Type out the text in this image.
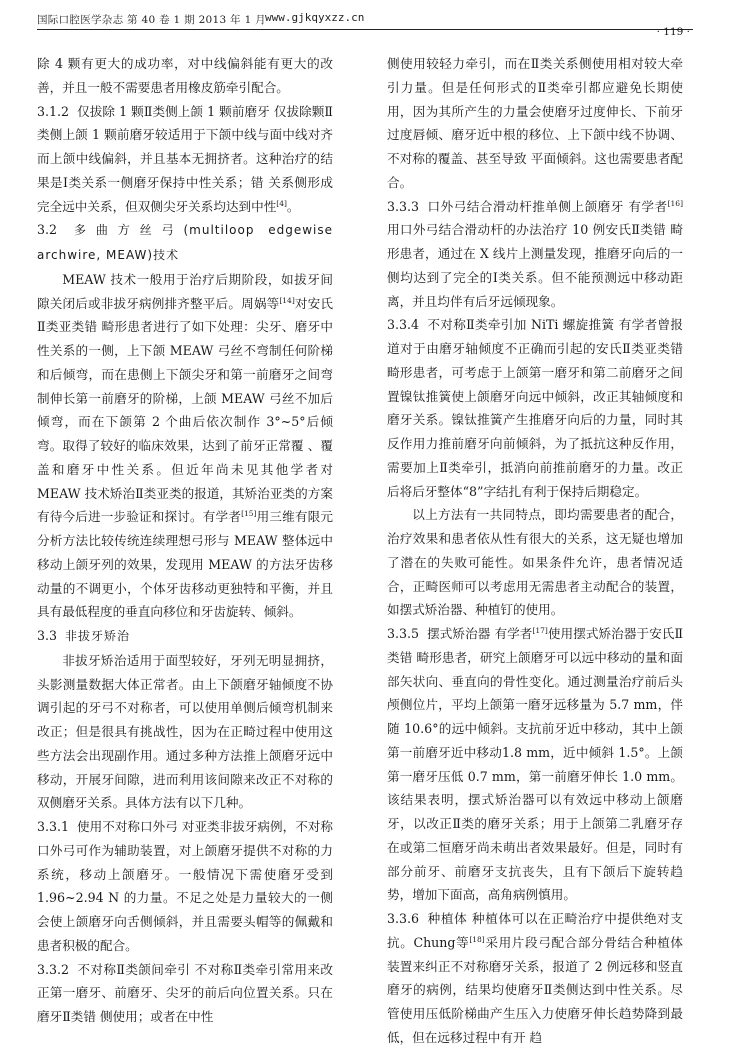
国际口腔医学杂志 第 40 卷 1 期 2013 年 1 月 www.gjkqyxzz.cn
· 119 ·

除 4 颗有更大的成功率，对中线偏斜能有更大的改善，并且一般不需要患者用橡皮筋牵引配合。

3.1.2 仅拔除 1 颗Ⅱ类侧上颌 1 颗前磨牙 仅拔除颗Ⅱ类侧上颌 1 颗前磨牙较适用于下颌中线与面中线对齐而上颌中线偏斜，并且基本无拥挤者。这种治疗的结果是Ⅰ类关系一侧磨牙保持中性关系；错 关系侧形成完全远中关系，但双侧尖牙关系均达到中性[4]。

3.2 多曲方丝弓(multiloop edgewise archwire, MEAW)技术

MEAW 技术一般用于治疗后期阶段，如拔牙间隙关闭后或非拔牙病例排齐整平后。周娲等[14]对安氏Ⅱ类亚类错 畸形患者进行了如下处理：尖牙、磨牙中性关系的一侧，上下颌 MEAW 弓丝不弯制任何阶梯和后倾弯，而在患侧上下颌尖牙和第一前磨牙之间弯制伸长第一前磨牙的阶梯，上颌 MEAW 弓丝不加后倾弯，而在下颌第 2 个曲后依次制作 3°~5°后倾弯。取得了较好的临床效果，达到了前牙正常覆 、覆盖和磨牙中性关系。但近年尚未见其他学者对 MEAW 技术矫治Ⅱ类亚类的报道，其矫治亚类的方案有待今后进一步验证和探讨。有学者[15]用三维有限元分析方法比较传统连续理想弓形与 MEAW 整体远中移动上颌牙列的效果，发现用 MEAW 的方法牙齿移动量的不调更小，个体牙齿移动更独特和平衡，并且具有最低程度的垂直向移位和牙齿旋转、倾斜。

3.3 非拔牙矫治

非拔牙矫治适用于面型较好，牙列无明显拥挤，头影测量数据大体正常者。由上下颌磨牙轴倾度不协调引起的牙弓不对称者，可以使用单侧后倾弯机制来改正；但是很具有挑战性，因为在正畸过程中使用这些方法会出现副作用。通过多种方法推上颌磨牙远中移动，开展牙间隙，进而利用该间隙来改正不对称的双侧磨牙关系。具体方法有以下几种。

3.3.1 使用不对称口外弓 对亚类非拔牙病例，不对称口外弓可作为辅助装置，对上颌磨牙提供不对称的力系统，移动上颌磨牙。一般情况下需使磨牙受到 1.96~2.94 N 的力量。不足之处是力量较大的一侧会使上颌磨牙向舌侧倾斜，并且需要头帽等的佩戴和患者积极的配合。

3.3.2 不对称Ⅱ类颌间牵引 不对称Ⅱ类牵引常用来改正第一磨牙、前磨牙、尖牙的前后向位置关系。只在磨牙Ⅱ类错 侧使用；或者在中性

侧使用较轻力牵引，而在Ⅱ类关系侧使用相对较大牵引力量。但是任何形式的Ⅱ类牵引都应避免长期使用，因为其所产生的力量会使磨牙过度伸长、下前牙过度唇倾、磨牙近中根的移位、上下颌中线不协调、不对称的覆盖、甚至导致 平面倾斜。这也需要患者配合。

3.3.3 口外弓结合滑动杆推单侧上颌磨牙 有学者[16]用口外弓结合滑动杆的办法治疗 10 例安氏Ⅱ类错 畸形患者，通过在 X 线片上测量发现，推磨牙向后的一侧均达到了完全的Ⅰ类关系。但不能预测远中移动距离，并且均伴有后牙远倾现象。

3.3.4 不对称Ⅱ类牵引加 NiTi 螺旋推簧 有学者曾报道对于由磨牙轴倾度不正确而引起的安氏Ⅱ类亚类错 畸形患者，可考虑于上颌第一磨牙和第二前磨牙之间置镍钛推簧使上颌磨牙向远中倾斜，改正其轴倾度和磨牙关系。镍钛推簧产生推磨牙向后的力量，同时其反作用力推前磨牙向前倾斜，为了抵抗这种反作用，需要加上Ⅱ类牵引，抵消向前推前磨牙的力量。改正后将后牙整体“8”字结扎有利于保持后期稳定。

以上方法有一共同特点，即均需要患者的配合，治疗效果和患者依从性有很大的关系，这无疑也增加了潜在的失败可能性。如果条件允许，患者情况适合，正畸医师可以考虑用无需患者主动配合的装置，如摆式矫治器、种植钉的使用。

3.3.5 摆式矫治器 有学者[17]使用摆式矫治器于安氏Ⅱ类错 畸形患者，研究上颌磨牙可以远中移动的量和面部矢状向、垂直向的骨性变化。通过测量治疗前后头颅侧位片，平均上颌第一磨牙远移量为 5.7 mm，伴随 10.6°的远中倾斜。支抗前牙近中移动，其中上颌第一前磨牙近中移动1.8 mm，近中倾斜 1.5°。上颌第一磨牙压低 0.7 mm，第一前磨牙伸长 1.0 mm。该结果表明，摆式矫治器可以有效远中移动上颌磨牙，以改正Ⅱ类的磨牙关系；用于上颌第二乳磨牙存在或第二恒磨牙尚未萌出者效果最好。但是，同时有部分前牙、前磨牙支抗丧失，且有下颌后下旋转趋势，增加下面高，高角病例慎用。

3.3.6 种植体 种植体可以在正畸治疗中提供绝对支抗。Chung等[18]采用片段弓配合部分骨结合种植体装置来纠正不对称磨牙关系，报道了 2 例远移和竖直磨牙的病例，结果均使磨牙Ⅱ类侧达到中性关系。尽管使用压低阶梯曲产生压入力使磨牙伸长趋势降到最低，但在远移过程中有开 趋
